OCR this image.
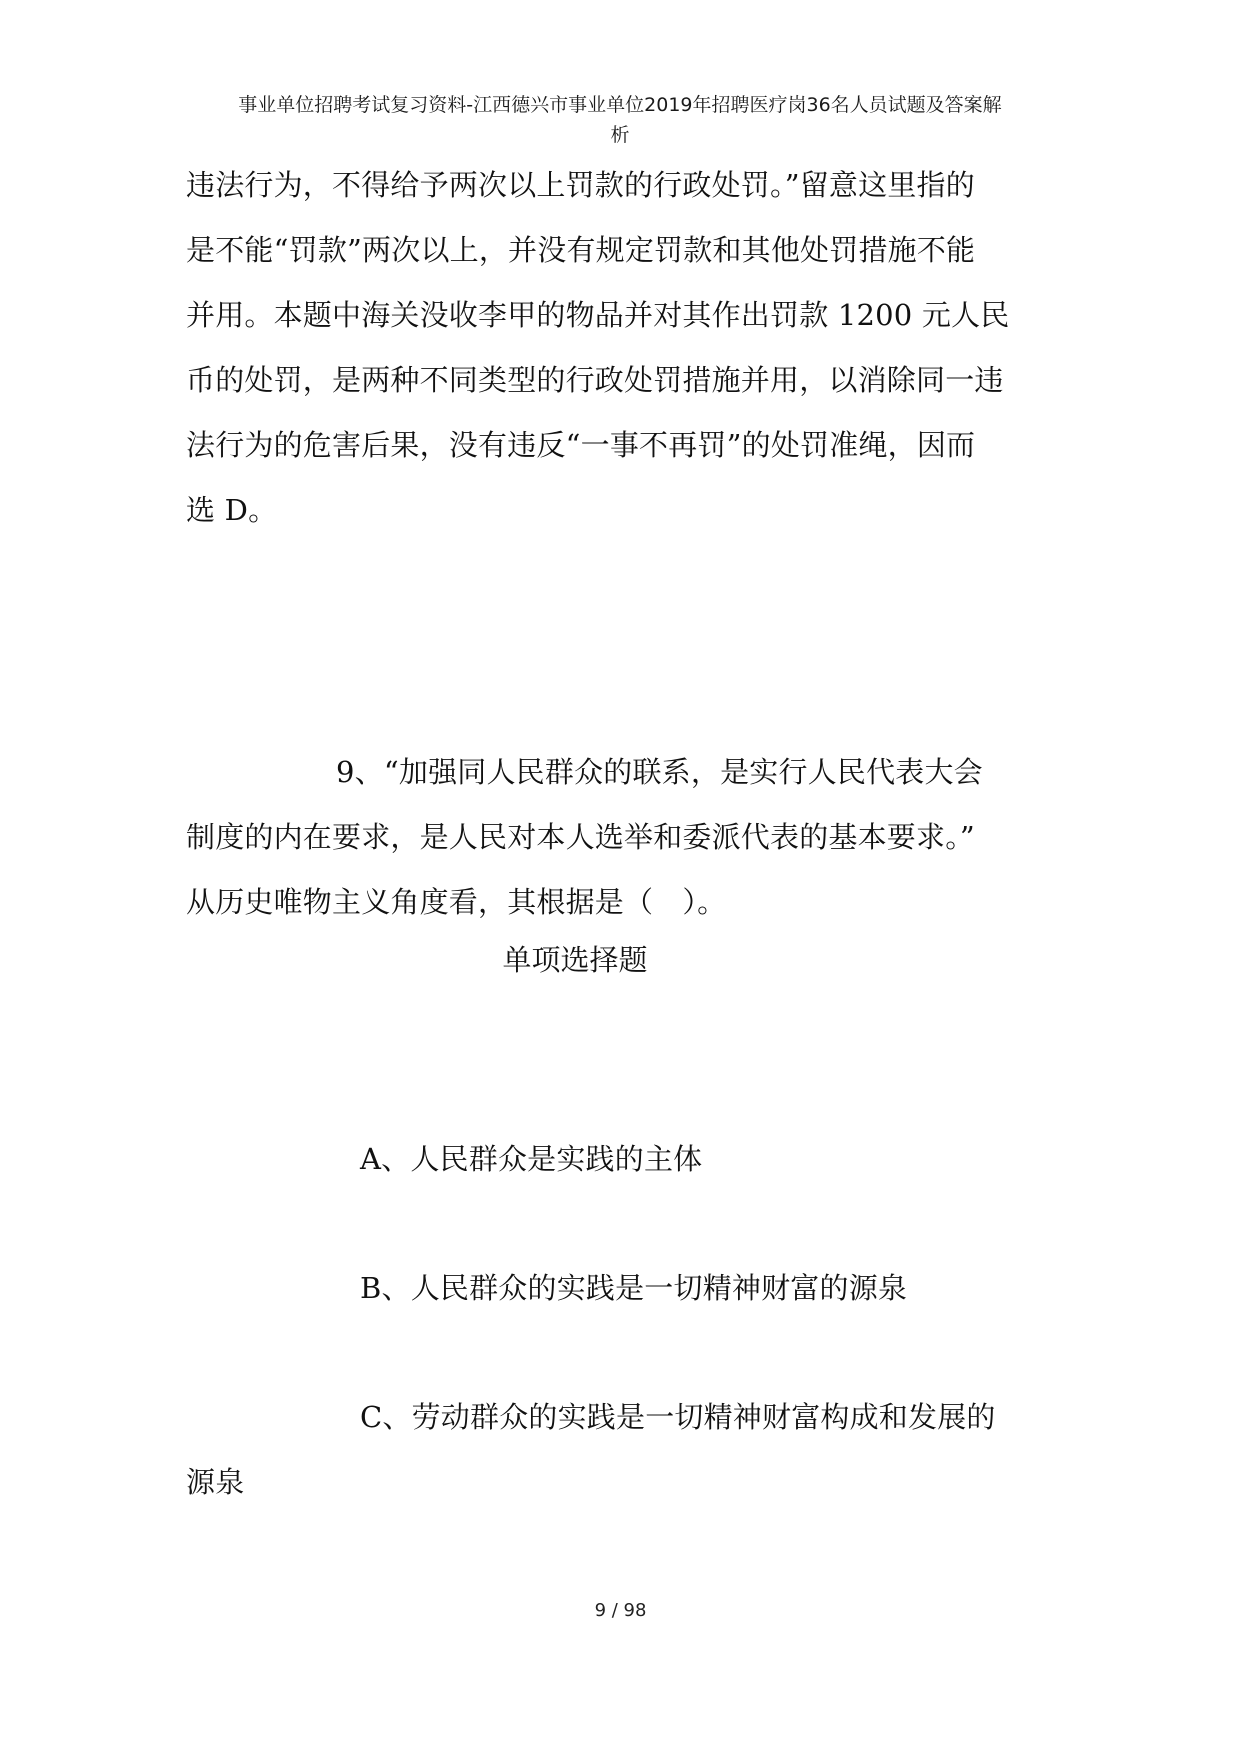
事业单位招聘考试复习资料-江西德兴市事业单位2019年招聘医疗岗36名人员试题及答案解
析
违法行为，不得给予两次以上罚款的行政处罚。”留意这里指的
是不能“罚款”两次以上，并没有规定罚款和其他处罚措施不能
并用。本题中海关没收李甲的物品并对其作出罚款 1200 元人民
币的处罚，是两种不同类型的行政处罚措施并用，以消除同一违
法行为的危害后果，没有违反“一事不再罚”的处罚准绳，因而
选 D。
9、“加强同人民群众的联系，是实行人民代表大会
制度的内在要求，是人民对本人选举和委派代表的基本要求。”
从历史唯物主义角度看，其根据是（　）。
单项选择题
A、人民群众是实践的主体
B、人民群众的实践是一切精神财富的源泉
C、劳动群众的实践是一切精神财富构成和发展的
源泉
9 / 98
